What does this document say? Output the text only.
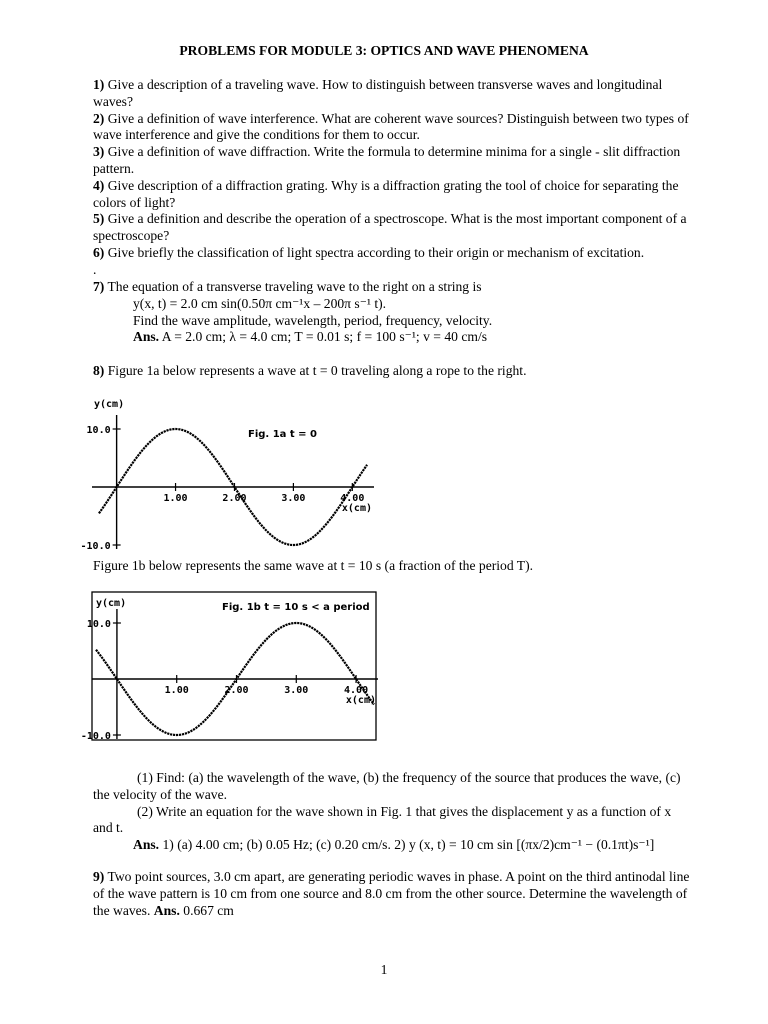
PROBLEMS FOR MODULE 3: OPTICS AND WAVE PHENOMENA
1) Give a description of a traveling wave. How to distinguish between transverse waves and longitudinal waves?
2) Give a definition of wave interference. What are coherent wave sources? Distinguish between two types of wave interference and give the conditions for them to occur.
3) Give a definition of wave diffraction. Write the formula to determine minima for a single - slit diffraction pattern.
4) Give description of a diffraction grating. Why is a diffraction grating the tool of choice for separating the colors of light?
5) Give a definition and describe the operation of a spectroscope. What is the most important component of a spectroscope?
6) Give briefly the classification of light spectra according to their origin or mechanism of excitation.
.
7) The equation of a transverse traveling wave to the right on a string is
y(x, t) = 2.0 cm sin(0.50π cm⁻¹x – 200π s⁻¹ t).
Find the wave amplitude, wavelength, period, frequency, velocity.
Ans. A = 2.0 cm; λ = 4.0 cm; T = 0.01 s; f = 100 s⁻¹; v = 40 cm/s
8) Figure 1a below represents a wave at t = 0 traveling along a rope to the right.
10.0
-10.0
1.00	2.00	3.00	4.00
y(cm)
x(cm)
Fig. 1a t = 0
Figure 1b below represents the same wave at t = 10 s (a fraction of the period T).
10.0
-10.0
1.00	2.00	3.00	4.00
y(cm)
x(cm)
Fig. 1b t = 10 s < a period
(1) Find: (a) the wavelength of the wave, (b) the frequency of the source that produces the wave, (c) the velocity of the wave.
(2) Write an equation for the wave shown in Fig. 1 that gives the displacement y as a function of x and t.
Ans. 1) (a) 4.00 cm; (b) 0.05 Hz; (c) 0.20 cm/s. 2) y (x, t) = 10 cm sin [(πx/2)cm⁻¹ − (0.1πt)s⁻¹]
9) Two point sources, 3.0 cm apart, are generating periodic waves in phase. A point on the third antinodal line of the wave pattern is 10 cm from one source and 8.0 cm from the other source. Determine the wavelength of the waves. Ans. 0.667 cm
1
